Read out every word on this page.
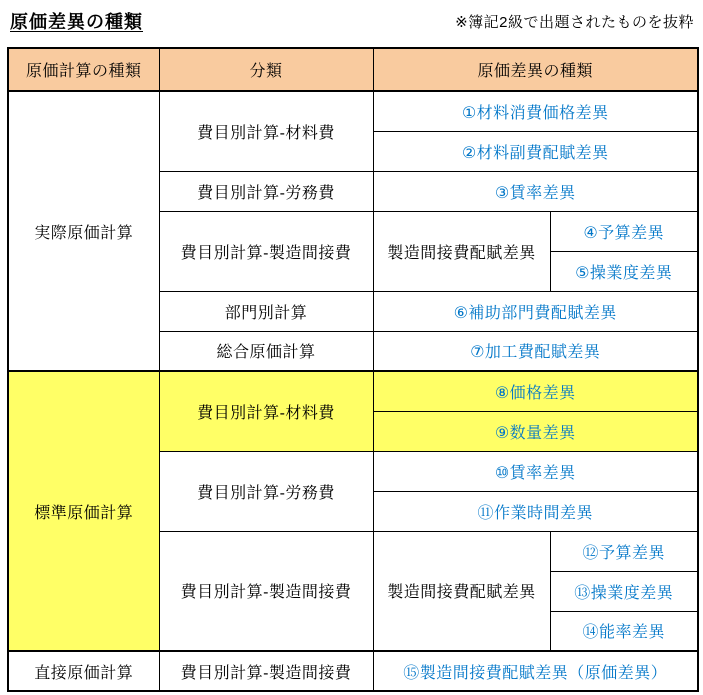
原価差異の種類	※簿記2級で出題されたものを抜粋
原価計算の種類	分類	原価差異の種類	
実際原価計算	費目別計算-材料費	①材料消費価格差異	
		②材料副費配賦差異	
	費目別計算-労務費	③賃率差異	
	費目別計算-製造間接費	製造間接費配賦差異	④予算差異
			⑤操業度差異
	部門別計算	⑥補助部門費配賦差異	
	総合原価計算	⑦加工費配賦差異	
標準原価計算	費目別計算-材料費	⑧価格差異	
		⑨数量差異	
	費目別計算-労務費	⑩賃率差異	
		⑪作業時間差異	
	費目別計算-製造間接費	製造間接費配賦差異	⑫予算差異
			⑬操業度差異
			⑭能率差異
直接原価計算	費目別計算-製造間接費	⑮製造間接費配賦差異（原価差異）	
